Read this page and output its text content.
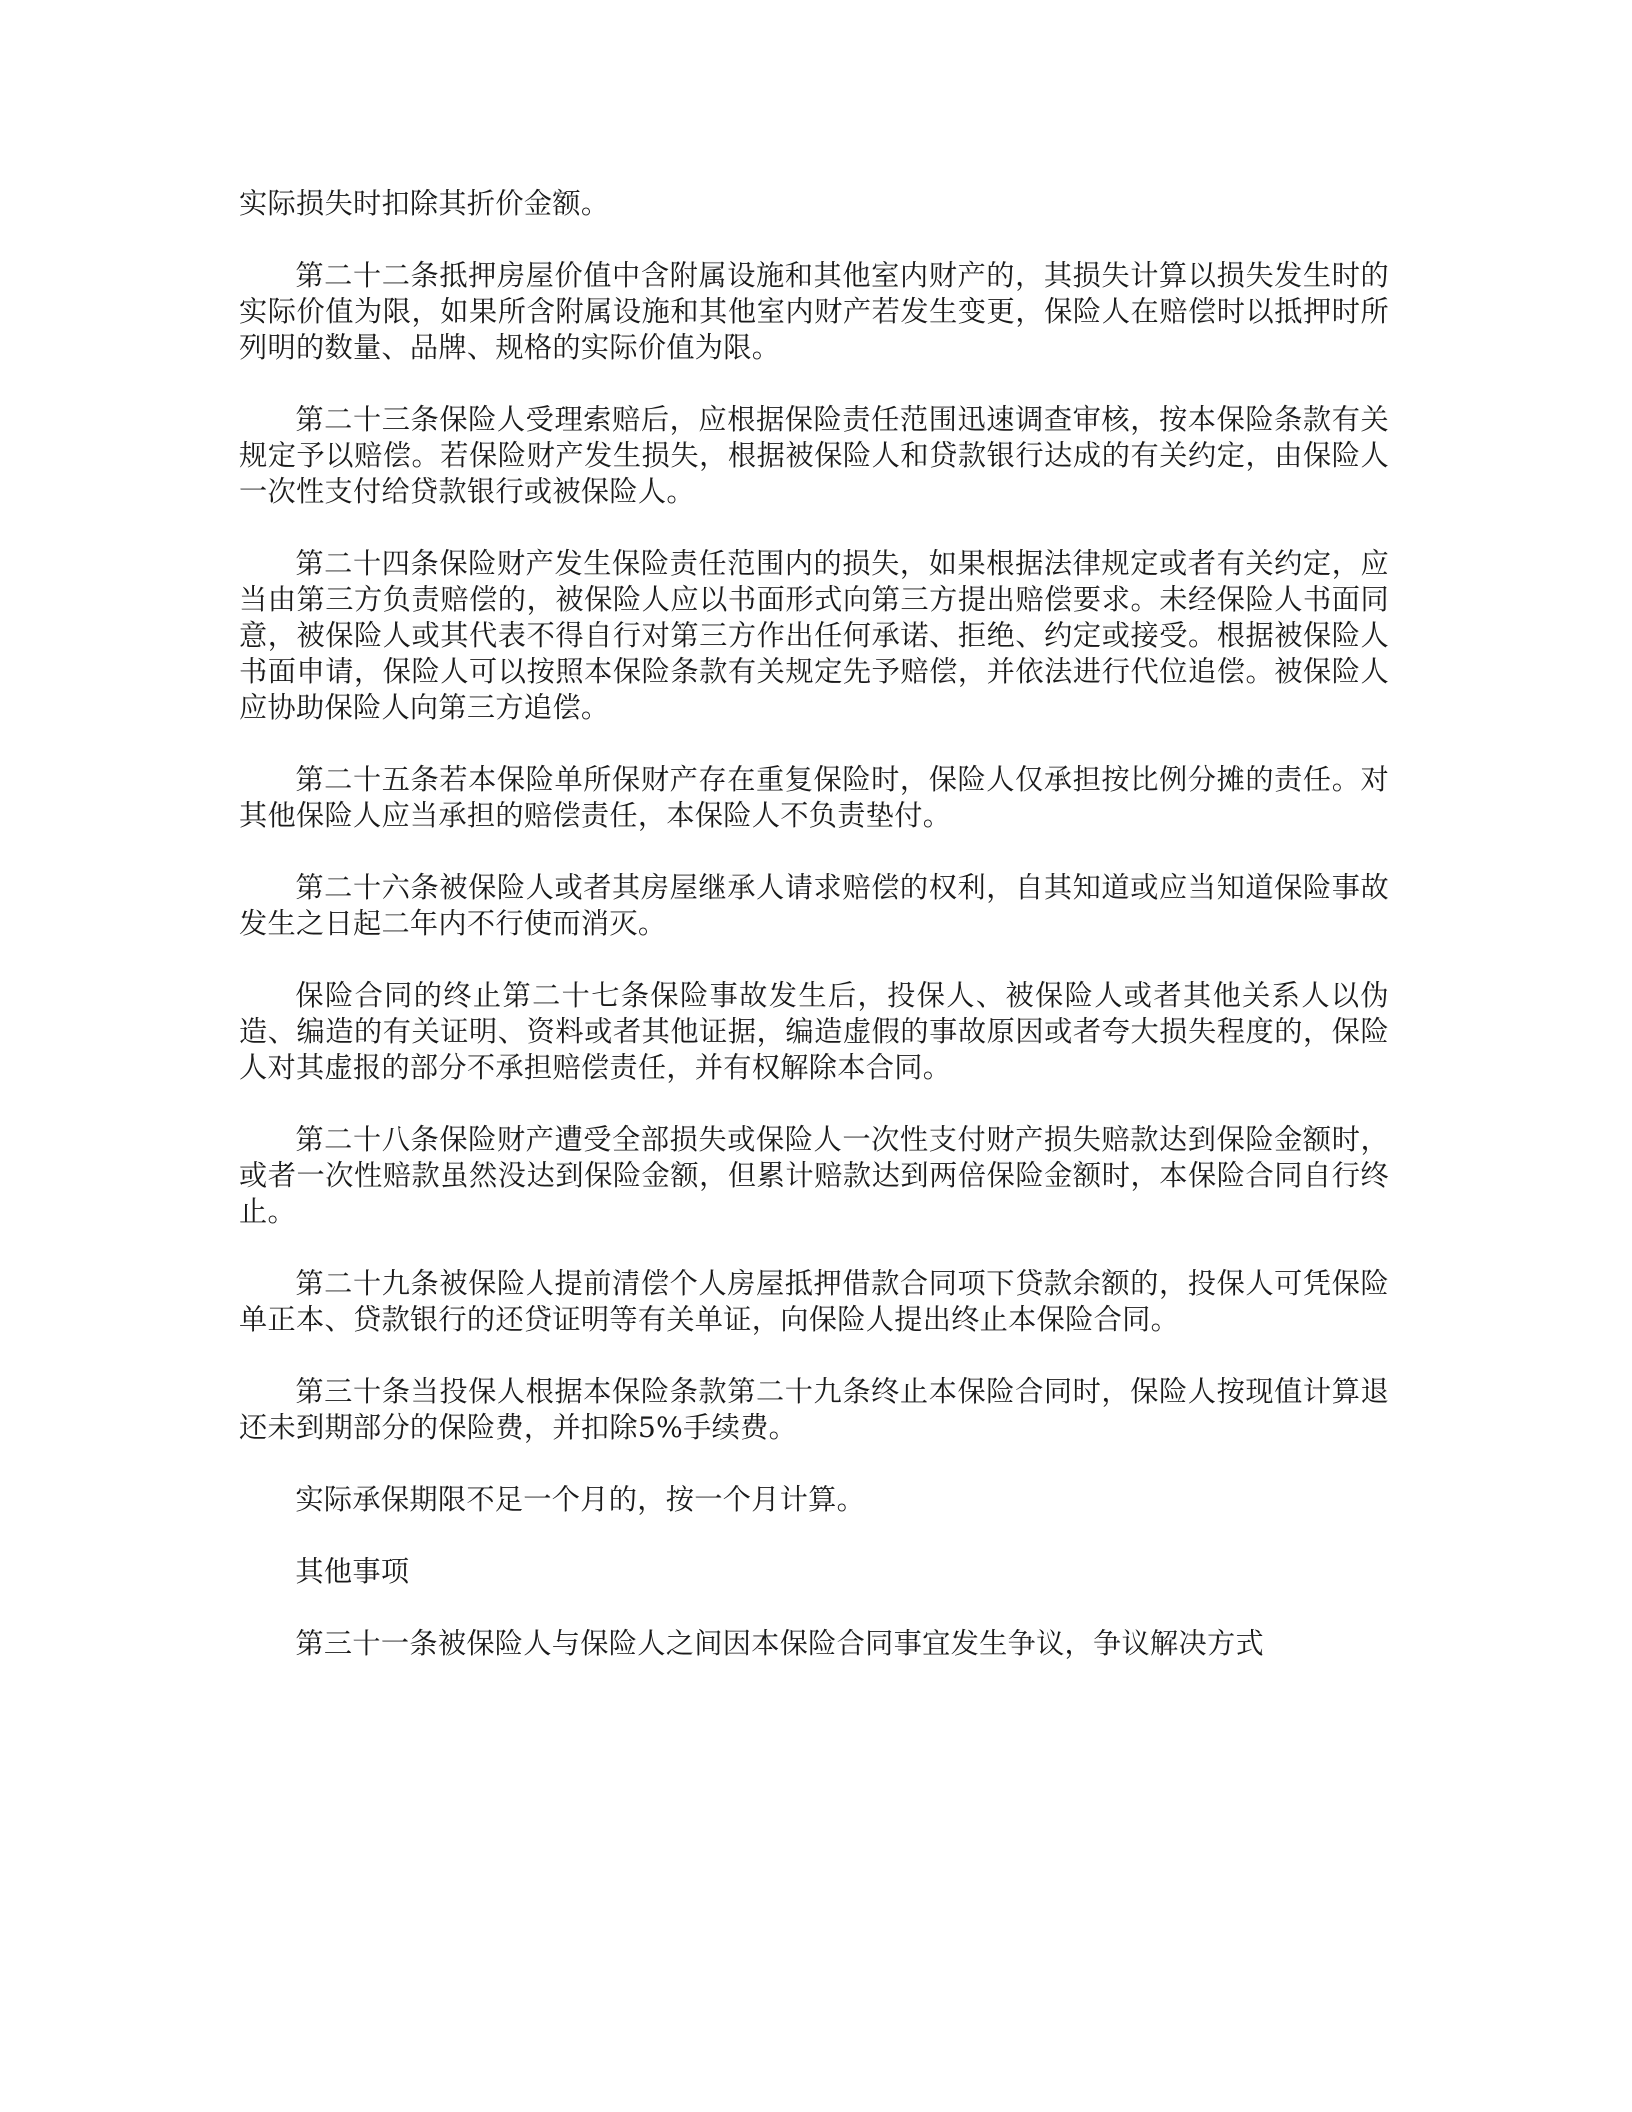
实际损失时扣除其折价金额。

第二十二条抵押房屋价值中含附属设施和其他室内财产的，其损失计算以损失发生时的实际价值为限，如果所含附属设施和其他室内财产若发生变更，保险人在赔偿时以抵押时所列明的数量、品牌、规格的实际价值为限。

第二十三条保险人受理索赔后，应根据保险责任范围迅速调查审核，按本保险条款有关规定予以赔偿。若保险财产发生损失，根据被保险人和贷款银行达成的有关约定，由保险人一次性支付给贷款银行或被保险人。

第二十四条保险财产发生保险责任范围内的损失，如果根据法律规定或者有关约定，应当由第三方负责赔偿的，被保险人应以书面形式向第三方提出赔偿要求。未经保险人书面同意，被保险人或其代表不得自行对第三方作出任何承诺、拒绝、约定或接受。根据被保险人书面申请，保险人可以按照本保险条款有关规定先予赔偿，并依法进行代位追偿。被保险人应协助保险人向第三方追偿。

第二十五条若本保险单所保财产存在重复保险时，保险人仅承担按比例分摊的责任。对其他保险人应当承担的赔偿责任，本保险人不负责垫付。

第二十六条被保险人或者其房屋继承人请求赔偿的权利，自其知道或应当知道保险事故发生之日起二年内不行使而消灭。

保险合同的终止第二十七条保险事故发生后，投保人、被保险人或者其他关系人以伪造、编造的有关证明、资料或者其他证据，编造虚假的事故原因或者夸大损失程度的，保险人对其虚报的部分不承担赔偿责任，并有权解除本合同。

第二十八条保险财产遭受全部损失或保险人一次性支付财产损失赔款达到保险金额时，或者一次性赔款虽然没达到保险金额，但累计赔款达到两倍保险金额时，本保险合同自行终止。

第二十九条被保险人提前清偿个人房屋抵押借款合同项下贷款余额的，投保人可凭保险单正本、贷款银行的还贷证明等有关单证，向保险人提出终止本保险合同。

第三十条当投保人根据本保险条款第二十九条终止本保险合同时，保险人按现值计算退还未到期部分的保险费，并扣除5%手续费。

实际承保期限不足一个月的，按一个月计算。

其他事项

第三十一条被保险人与保险人之间因本保险合同事宜发生争议，争议解决方式
